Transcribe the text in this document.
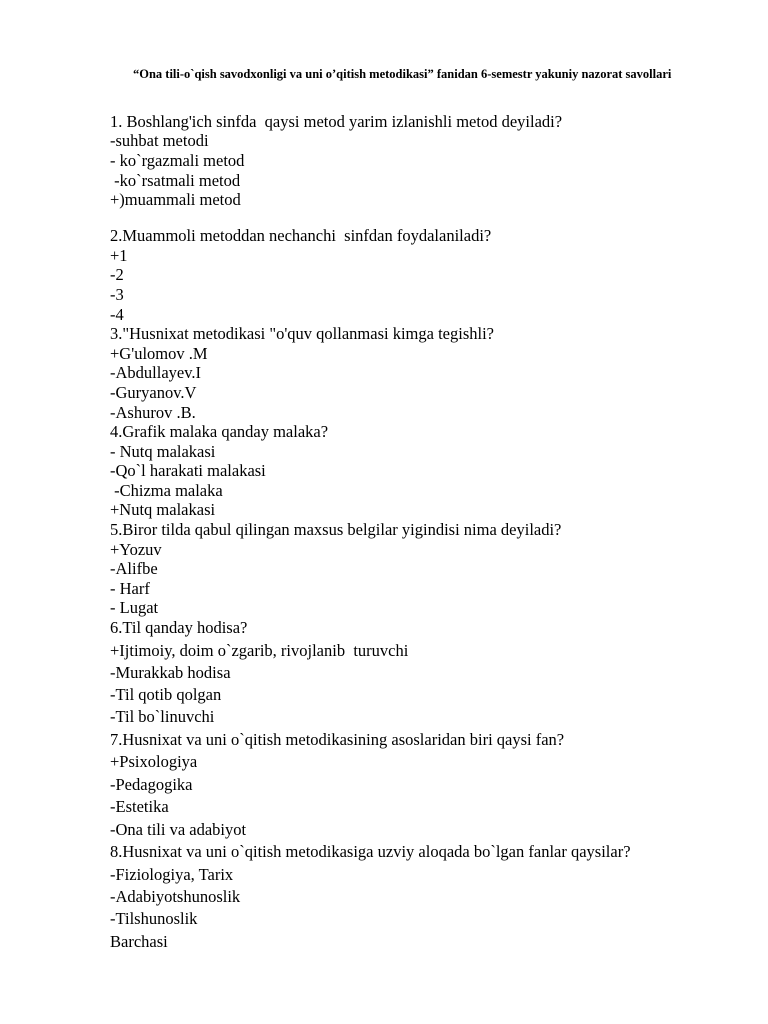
“Ona tili-o`qish savodxonligi va uni o’qitish metodikasi” fanidan 6-semestr yakuniy nazorat savollari
1. Boshlang'ich sinfda  qaysi metod yarim izlanishli metod deyiladi?
-suhbat metodi
- ko`rgazmali metod
-ko`rsatmali metod
+)muammali metod
2.Muammoli metoddan nechanchi  sinfdan foydalaniladi?
+1
-2
-3
-4
3."Husnixat metodikasi "o'quv qollanmasi kimga tegishli?
+G'ulomov .M
-Abdullayev.I
-Guryanov.V
-Ashurov .B.
4.Grafik malaka qanday malaka?
- Nutq malakasi
-Qo`l harakati malakasi
-Chizma malaka
+Nutq malakasi
5.Biror tilda qabul qilingan maxsus belgilar yigindisi nima deyiladi?
+Yozuv
-Alifbe
- Harf
- Lugat
6.Til qanday hodisa?
+Ijtimoiy, doim o`zgarib, rivojlanib  turuvchi
-Murakkab hodisa
-Til qotib qolgan
-Til bo`linuvchi
7.Husnixat va uni o`qitish metodikasining asoslaridan biri qaysi fan?
+Psixologiya
-Pedagogika
-Estetika
-Ona tili va adabiyot
8.Husnixat va uni o`qitish metodikasiga uzviy aloqada bo`lgan fanlar qaysilar?
-Fiziologiya, Tarix
-Adabiyotshunoslik
-Tilshunoslik
Barchasi
